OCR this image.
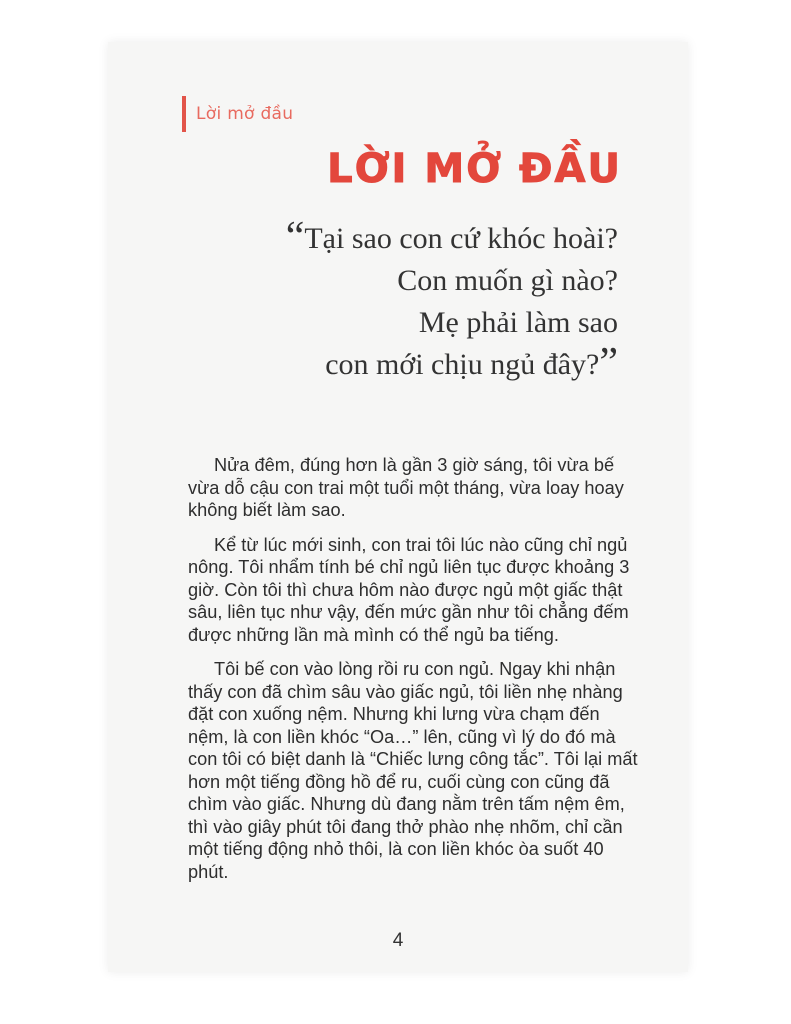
Lời mở đầu
LỜI MỞ ĐẦU
“Tại sao con cứ khóc hoài?
Con muốn gì nào?
Mẹ phải làm sao
con mới chịu ngủ đây?”

Nửa đêm, đúng hơn là gần 3 giờ sáng, tôi vừa bế vừa dỗ cậu con trai một tuổi một tháng, vừa loay hoay không biết làm sao.

Kể từ lúc mới sinh, con trai tôi lúc nào cũng chỉ ngủ nông. Tôi nhẩm tính bé chỉ ngủ liên tục được khoảng 3 giờ. Còn tôi thì chưa hôm nào được ngủ một giấc thật sâu, liên tục như vậy, đến mức gần như tôi chẳng đếm được những lần mà mình có thể ngủ ba tiếng.

Tôi bế con vào lòng rồi ru con ngủ. Ngay khi nhận thấy con đã chìm sâu vào giấc ngủ, tôi liền nhẹ nhàng đặt con xuống nệm. Nhưng khi lưng vừa chạm đến nệm, là con liền khóc “Oa…” lên, cũng vì lý do đó mà con tôi có biệt danh là “Chiếc lưng công tắc”. Tôi lại mất hơn một tiếng đồng hồ để ru, cuối cùng con cũng đã chìm vào giấc. Nhưng dù đang nằm trên tấm nệm êm, thì vào giây phút tôi đang thở phào nhẹ nhõm, chỉ cần một tiếng động nhỏ thôi, là con liền khóc òa suốt 40 phút.

4
